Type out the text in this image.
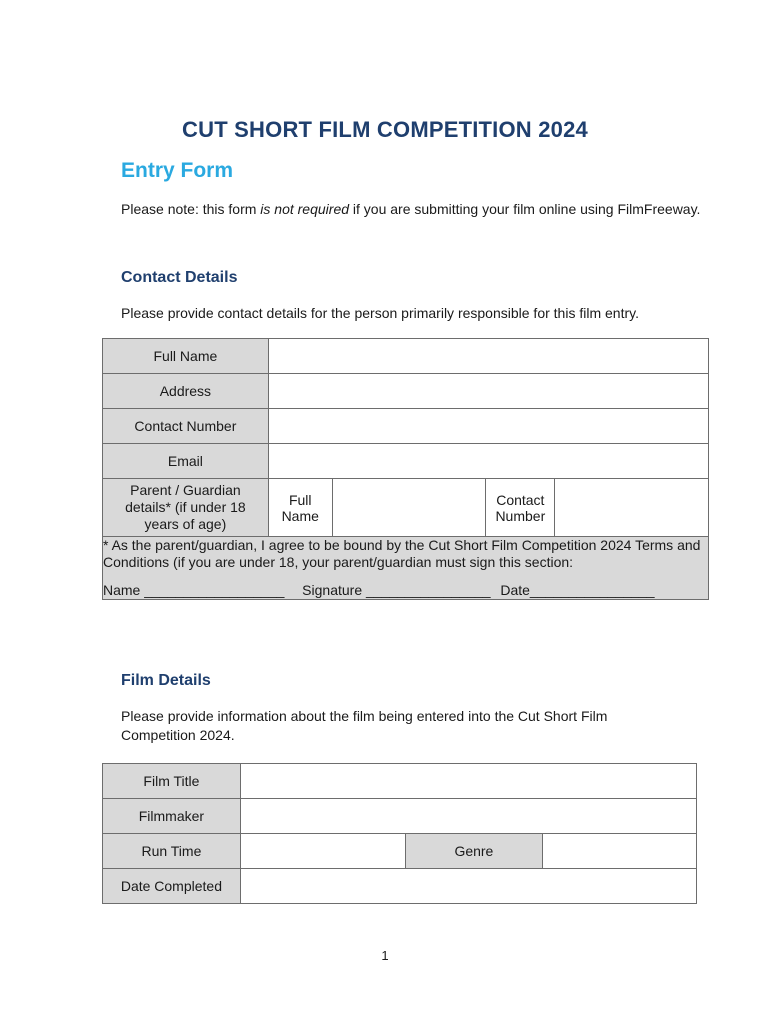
CUT SHORT FILM COMPETITION 2024
Entry Form
Please note: this form is not required if you are submitting your film online using FilmFreeway.
Contact Details
Please provide contact details for the person primarily responsible for this film entry.
Full Name				
Address				
Contact Number				
Email				
Parent / Guardian details* (if under 18 years of age)	Full Name		Contact Number	

* As the parent/guardian, I agree to be bound by the Cut Short Film Competition 2024 Terms and Conditions (if you are under 18, your parent/guardian must sign this section:
Name __________________ Signature ________________ Date________________				
Film Details
Please provide information about the film being entered into the Cut Short Film Competition 2024.
Film Title			
Filmmaker			
Run Time		Genre	
Date Completed			
1
